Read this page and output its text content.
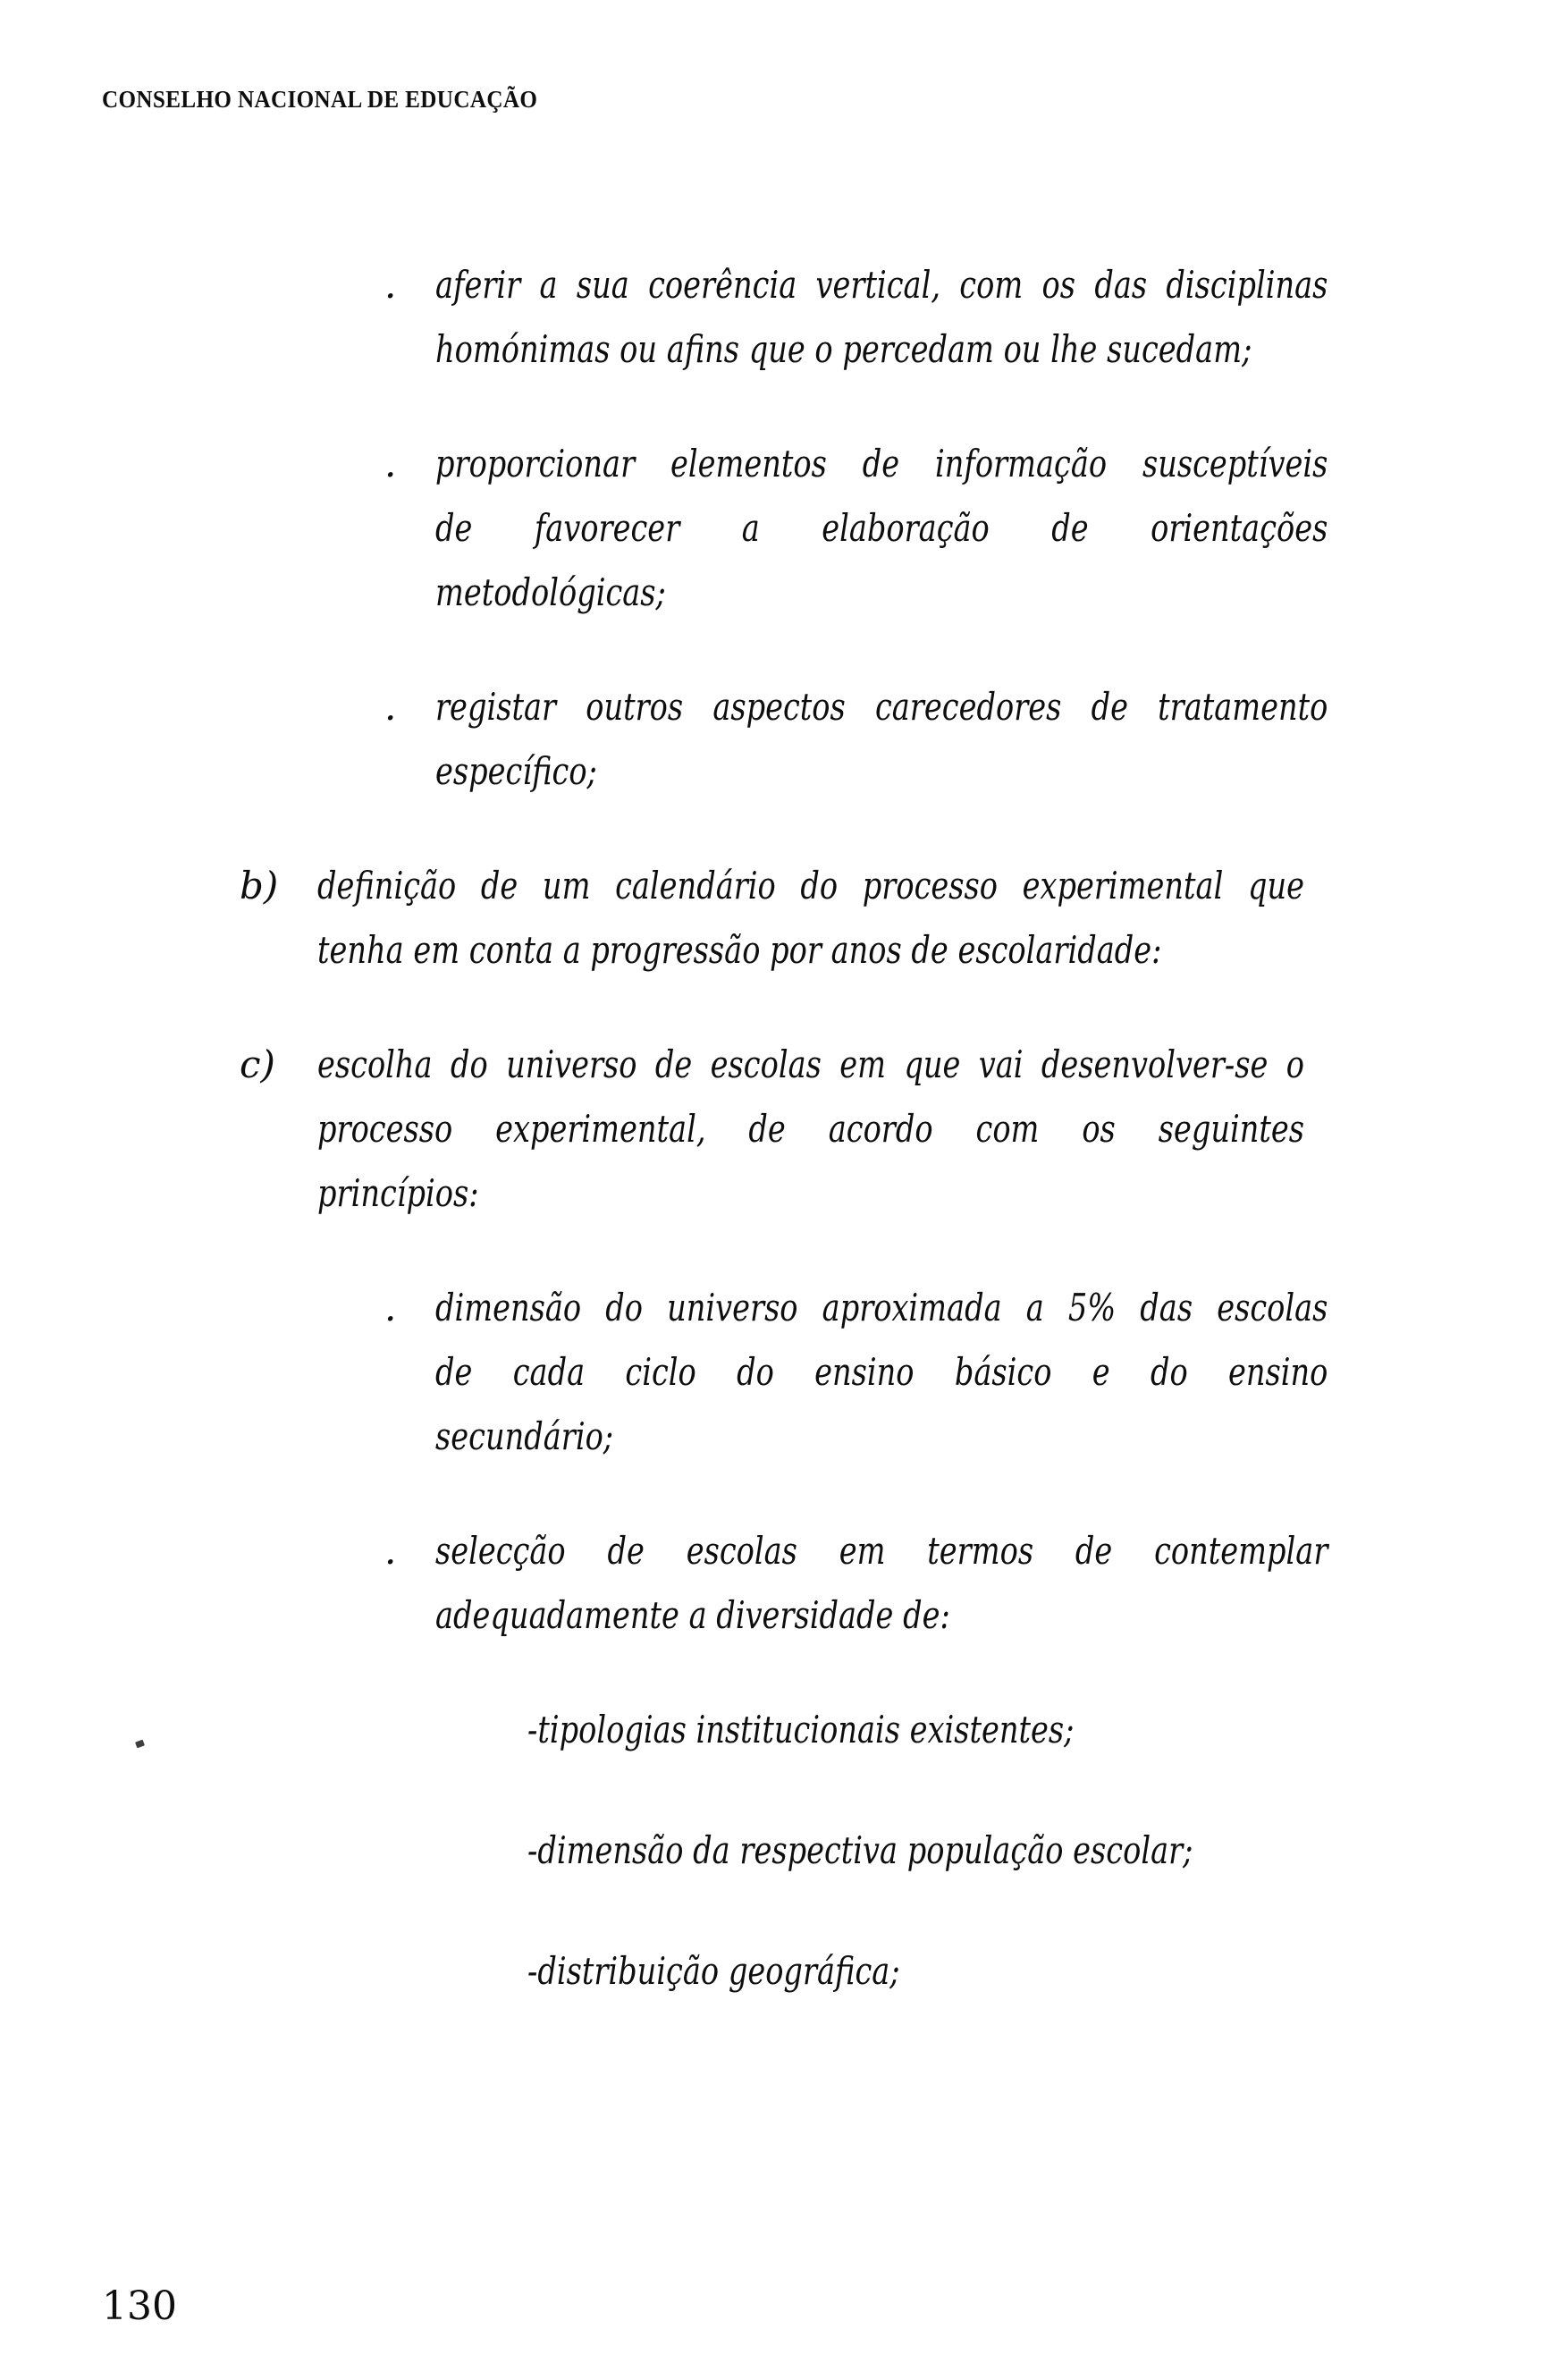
CONSELHO NACIONAL DE EDUCAÇÃO
.	aferir a sua coerência vertical, com os das disciplinas
homónimas ou afins que o percedam ou lhe sucedam;
.	proporcionar elementos de informação susceptíveis
de favorecer a elaboração de orientações
metodológicas;
.	registar outros aspectos carecedores de tratamento
específico;
b)	definição de um calendário do processo experimental que
tenha em conta a progressão por anos de escolaridade:
c)	escolha do universo de escolas em que vai desenvolver-se o
processo experimental, de acordo com os seguintes
princípios:
.	dimensão do universo aproximada a 5% das escolas
de cada ciclo do ensino básico e do ensino
secundário;
.	selecção de escolas em termos de contemplar
adequadamente a diversidade de:
-tipologias institucionais existentes;
-dimensão da respectiva população escolar;
-distribuição geográfica;
130
